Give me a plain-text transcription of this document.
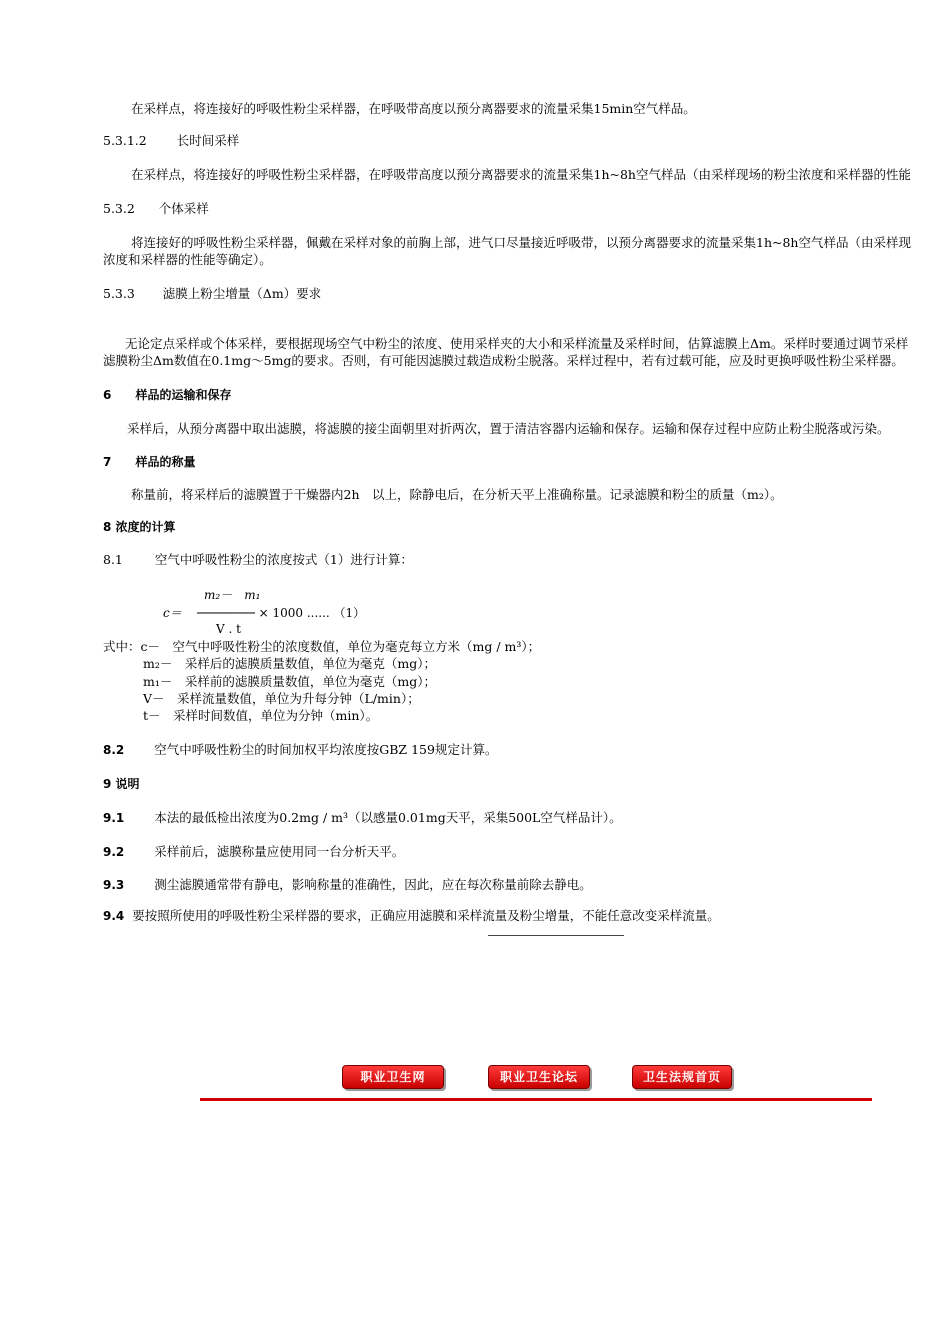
在采样点，将连接好的呼吸性粉尘采样器，在呼吸带高度以预分离器要求的流量采集15min空气样品。
5.3.1.2 长时间采样
在采样点，将连接好的呼吸性粉尘采样器，在呼吸带高度以预分离器要求的流量采集1h~8h空气样品（由采样现场的粉尘浓度和采样器的性能
5.3.2 个体采样
将连接好的呼吸性粉尘采样器，佩戴在采样对象的前胸上部，进气口尽量接近呼吸带，以预分离器要求的流量采集1h~8h空气样品（由采样现
浓度和采样器的性能等确定）。
5.3.3 滤膜上粉尘增量（Δm）要求
无论定点采样或个体采样，要根据现场空气中粉尘的浓度、使用采样夹的大小和采样流量及采样时间，估算滤膜上Δm。采样时要通过调节采样
滤膜粉尘Δm数值在0.1mg～5mg的要求。否则，有可能因滤膜过载造成粉尘脱落。采样过程中，若有过载可能，应及时更换呼吸性粉尘采样器。
6 样品的运输和保存
采样后，从预分离器中取出滤膜，将滤膜的接尘面朝里对折两次，置于清洁容器内运输和保存。运输和保存过程中应防止粉尘脱落或污染。
7 样品的称量
称量前，将采样后的滤膜置于干燥器内2h　以上，除静电后，在分析天平上准确称量。记录滤膜和粉尘的质量（m₂）。
8 浓度的计算
8.1	空气中呼吸性粉尘的浓度按式（1）进行计算：
m₂－　m₁
c＝ ──────── × 1000 ...... （1）
V . t
式中：c－　空气中呼吸性粉尘的浓度数值，单位为毫克每立方米（mg / m³）；
m₂－　采样后的滤膜质量数值，单位为毫克（mg）；
m₁－　采样前的滤膜质量数值，单位为毫克（mg）；
V－　采样流量数值，单位为升每分钟（L/min）；
t－　采样时间数值，单位为分钟（min）。
8.2 空气中呼吸性粉尘的时间加权平均浓度按GBZ 159规定计算。
9 说明
9.1 本法的最低检出浓度为0.2mg / m³（以感量0.01mg天平，采集500L空气样品计）。
9.2 采样前后，滤膜称量应使用同一台分析天平。
9.3 测尘滤膜通常带有静电，影响称量的准确性，因此，应在每次称量前除去静电。
9.4 要按照所使用的呼吸性粉尘采样器的要求，正确应用滤膜和采样流量及粉尘增量，不能任意改变采样流量。
职业卫生网	职业卫生论坛	卫生法规首页
